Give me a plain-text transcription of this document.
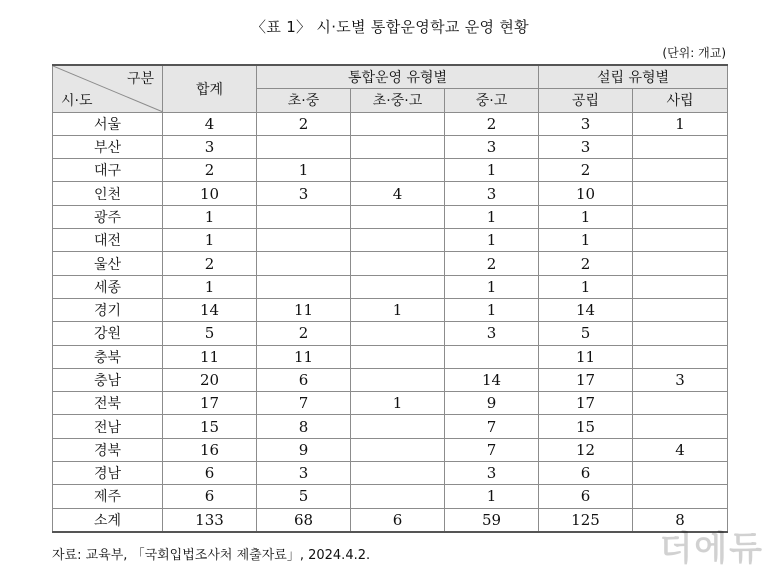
〈표 1〉 시·도별 통합운영학교 운영 현황
(단위: 개교)
구분
시·도	합계	통합운영 유형별			설립 유형별	
		초·중	초·중·고	중·고	공립	사립
서울	4	2		2	3	1
부산	3			3	3	
대구	2	1		1	2	
인천	10	3	4	3	10	
광주	1			1	1	
대전	1			1	1	
울산	2			2	2	
세종	1			1	1	
경기	14	11	1	1	14	
강원	5	2		3	5	
충북	11	11			11	
충남	20	6		14	17	3
전북	17	7	1	9	17	
전남	15	8		7	15	
경북	16	9		7	12	4
경남	6	3		3	6	
제주	6	5		1	6	
소계	133	68	6	59	125	8
자료: 교육부, 「국회입법조사처 제출자료」, 2024.4.2.	더에듀
